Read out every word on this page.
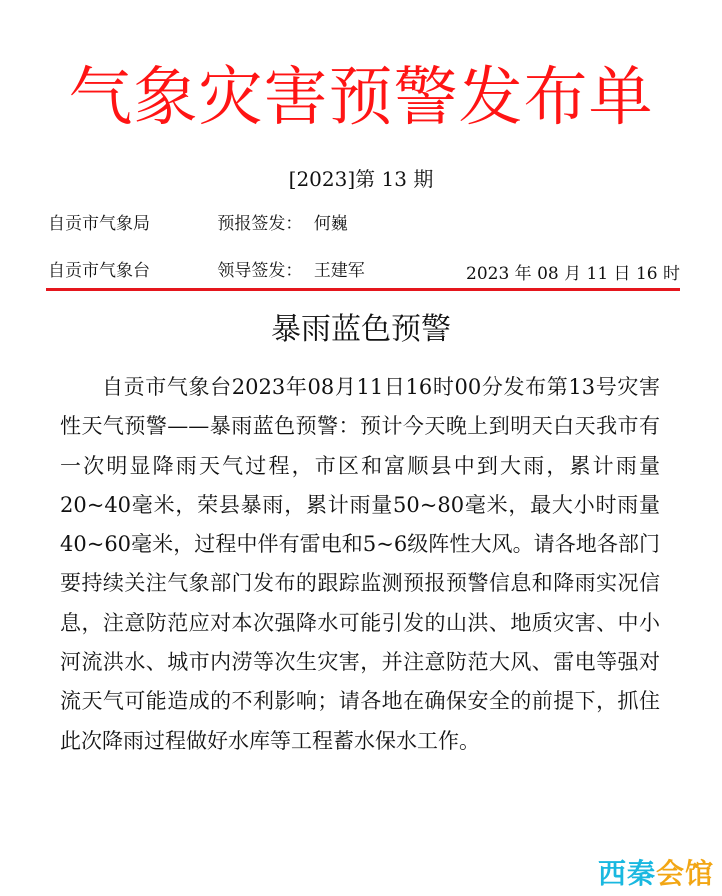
气象灾害预警发布单
[2023]第 13 期
自贡市气象局	预报签发： 何巍
自贡市气象台	领导签发： 王建军	2023 年 08 月 11 日 16 时
暴雨蓝色预警

自贡市气象台2023年08月11日16时00分发布第13号灾害性天气预警——暴雨蓝色预警：预计今天晚上到明天白天我市有一次明显降雨天气过程，市区和富顺县中到大雨，累计雨量20~40毫米，荣县暴雨，累计雨量50~80毫米，最大小时雨量40~60毫米，过程中伴有雷电和5~6级阵性大风。请各地各部门要持续关注气象部门发布的跟踪监测预报预警信息和降雨实况信息，注意防范应对本次强降水可能引发的山洪、地质灾害、中小河流洪水、城市内涝等次生灾害，并注意防范大风、雷电等强对流天气可能造成的不利影响；请各地在确保安全的前提下，抓住此次降雨过程做好水库等工程蓄水保水工作。

西秦会馆
